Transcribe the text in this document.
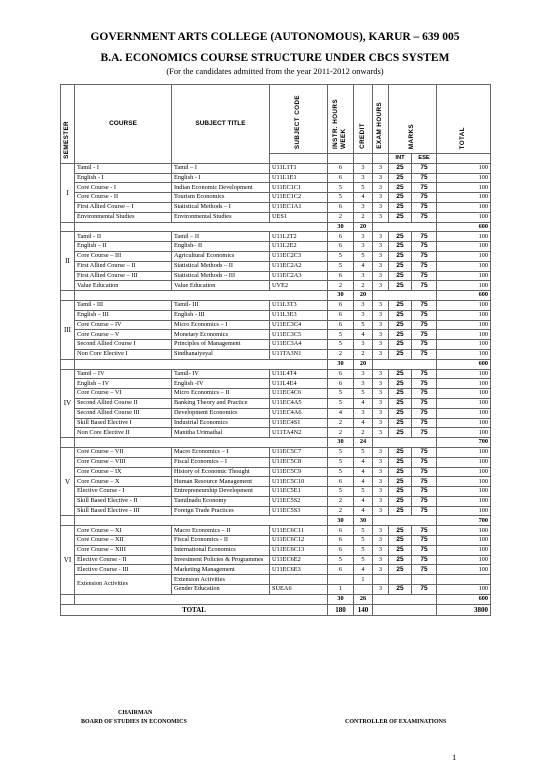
GOVERNMENT ARTS COLLEGE (AUTONOMOUS), KARUR – 639 005
B.A. ECONOMICS COURSE STRUCTURE UNDER CBCS SYSTEM
(For the candidates admitted from the year 2011-2012 onwards)
SEMESTER	COURSE	SUBJECT TITLE	SUBJECT CODE	INSTR. HOURS WEEK	CREDIT	EXAM HOURS	MARKS		TOTAL

							INT	ESE	
I	Tamil - I	Tamil – I	U11L1T1	6	3	3	25	75	100
	English - I	English - I	U11L1E1	6	3	3	25	75	100
	Core Course - I	Indian Economic Development	U11EC1C1	5	5	3	25	75	100
	Core Course - II	Tourism Economics	U11EC1C2	5	4	3	25	75	100
	First Allied Course – I	Statistical Methods – I	U11EC1A1	6	3	3	25	75	100
	Environmental Studies	Environmental Studies	UES1	2	2	3	25	75	100
				30	20				600
II	Tamil - II	Tamil – II	U11L2T2	6	3	3	25	75	100
	English – II	English– II	U11L2E2	6	3	3	25	75	100
	Core Course – III	Agricultural Economics	U11EC2C3	5	5	3	25	75	100
	First Allied Course – II	Statistical Methods – II	U11EC2A2	5	4	3	25	75	100
	First Allied Course – III	Statistical Methods – III	U11EC2A3	6	3	3	25	75	100
	Value Education	Value Education	UVE2	2	2	3	25	75	100
				30	20				600
III	Tamil - III	Tamil- III	U11L3T3	6	3	3	25	75	100
	English – III	English - III	U11L3E3	6	3	3	25	75	100
	Core Course – IV	Micro Economics – I	U11EC3C4	6	5	3	25	75	100
	Core Course – V	Monetary Economics	U11EC3C5	5	4	3	25	75	100
	Second Allied Course I	Principles of Management	U11EC3A4	5	3	3	25	75	100
	Non Core Elective I	Sindhanaiyeyal	U11TA3N1	2	2	3	25	75	100
				30	20				600
IV	Tamil – IV	Tamil- IV	U11L4T4	6	3	3	25	75	100
	English – IV	English -IV	U11L4E4	6	3	3	25	75	100
	Core Course – VI	Micro Economics – II	U11EC4C6	5	5	3	25	75	100
	Second Allied Course II	Banking Theory and Practice	U11EC4A5	5	4	3	25	75	100
	Second Allied Course III	Development Economics	U11EC4A6	4	3	3	25	75	100
	Skill Based Elective I	Industrial Economics	U11EC4S1	2	4	3	25	75	100
	Non Core Elective II	Manitha Urimaihal	U11TA4N2	2	2	3	25	75	100
				30	24				700
V	Core Course – VII	Macro Economics – I	U11EC5C7	5	5	3	25	75	100
	Core Course – VIII	Fiscal Economics – I	U11EC5C8	5	4	3	25	75	100
	Core Course – IX	History of Economic Thought	U11EC5C9	5	4	3	25	75	100
	Core Course – X	Human Resource Management	U11EC5C10	6	4	3	25	75	100
	Elective Course - I	Entrepreneurship Development	U11EC5E1	5	5	3	25	75	100
	Skill Based Elective - II	Tamilnadu Economy	U11EC5S2	2	4	3	25	75	100
	Skill Based Elective - III	Foreign Trade Practices	U11EC5S3	2	4	3	25	75	100
				30	30				700
VI	Core Course – XI	Macro Economics – II	U11EC6C11	6	5	3	25	75	100
	Core Course – XII	Fiscal Economics - II	U11EC6C12	6	5	3	25	75	100
	Core Course – XIII	International Economics	U11EC6C13	6	5	3	25	75	100
	Elective Course - II	Investment Policies & Programmes	U11EC6E2	5	5	3	25	75	100
	Elective Course - III	Marketing Management	U11EC6E3	6	4	3	25	75	100
	Extension Activities	Extension Activities			1				
		Gender Education	SUEA6	1		3	25	75	100
				30	26				600
TOTAL				180	140				3800
CHAIRMAN
BOARD OF STUDIES IN ECONOMICS	CONTROLLER OF EXAMINATIONS
1
